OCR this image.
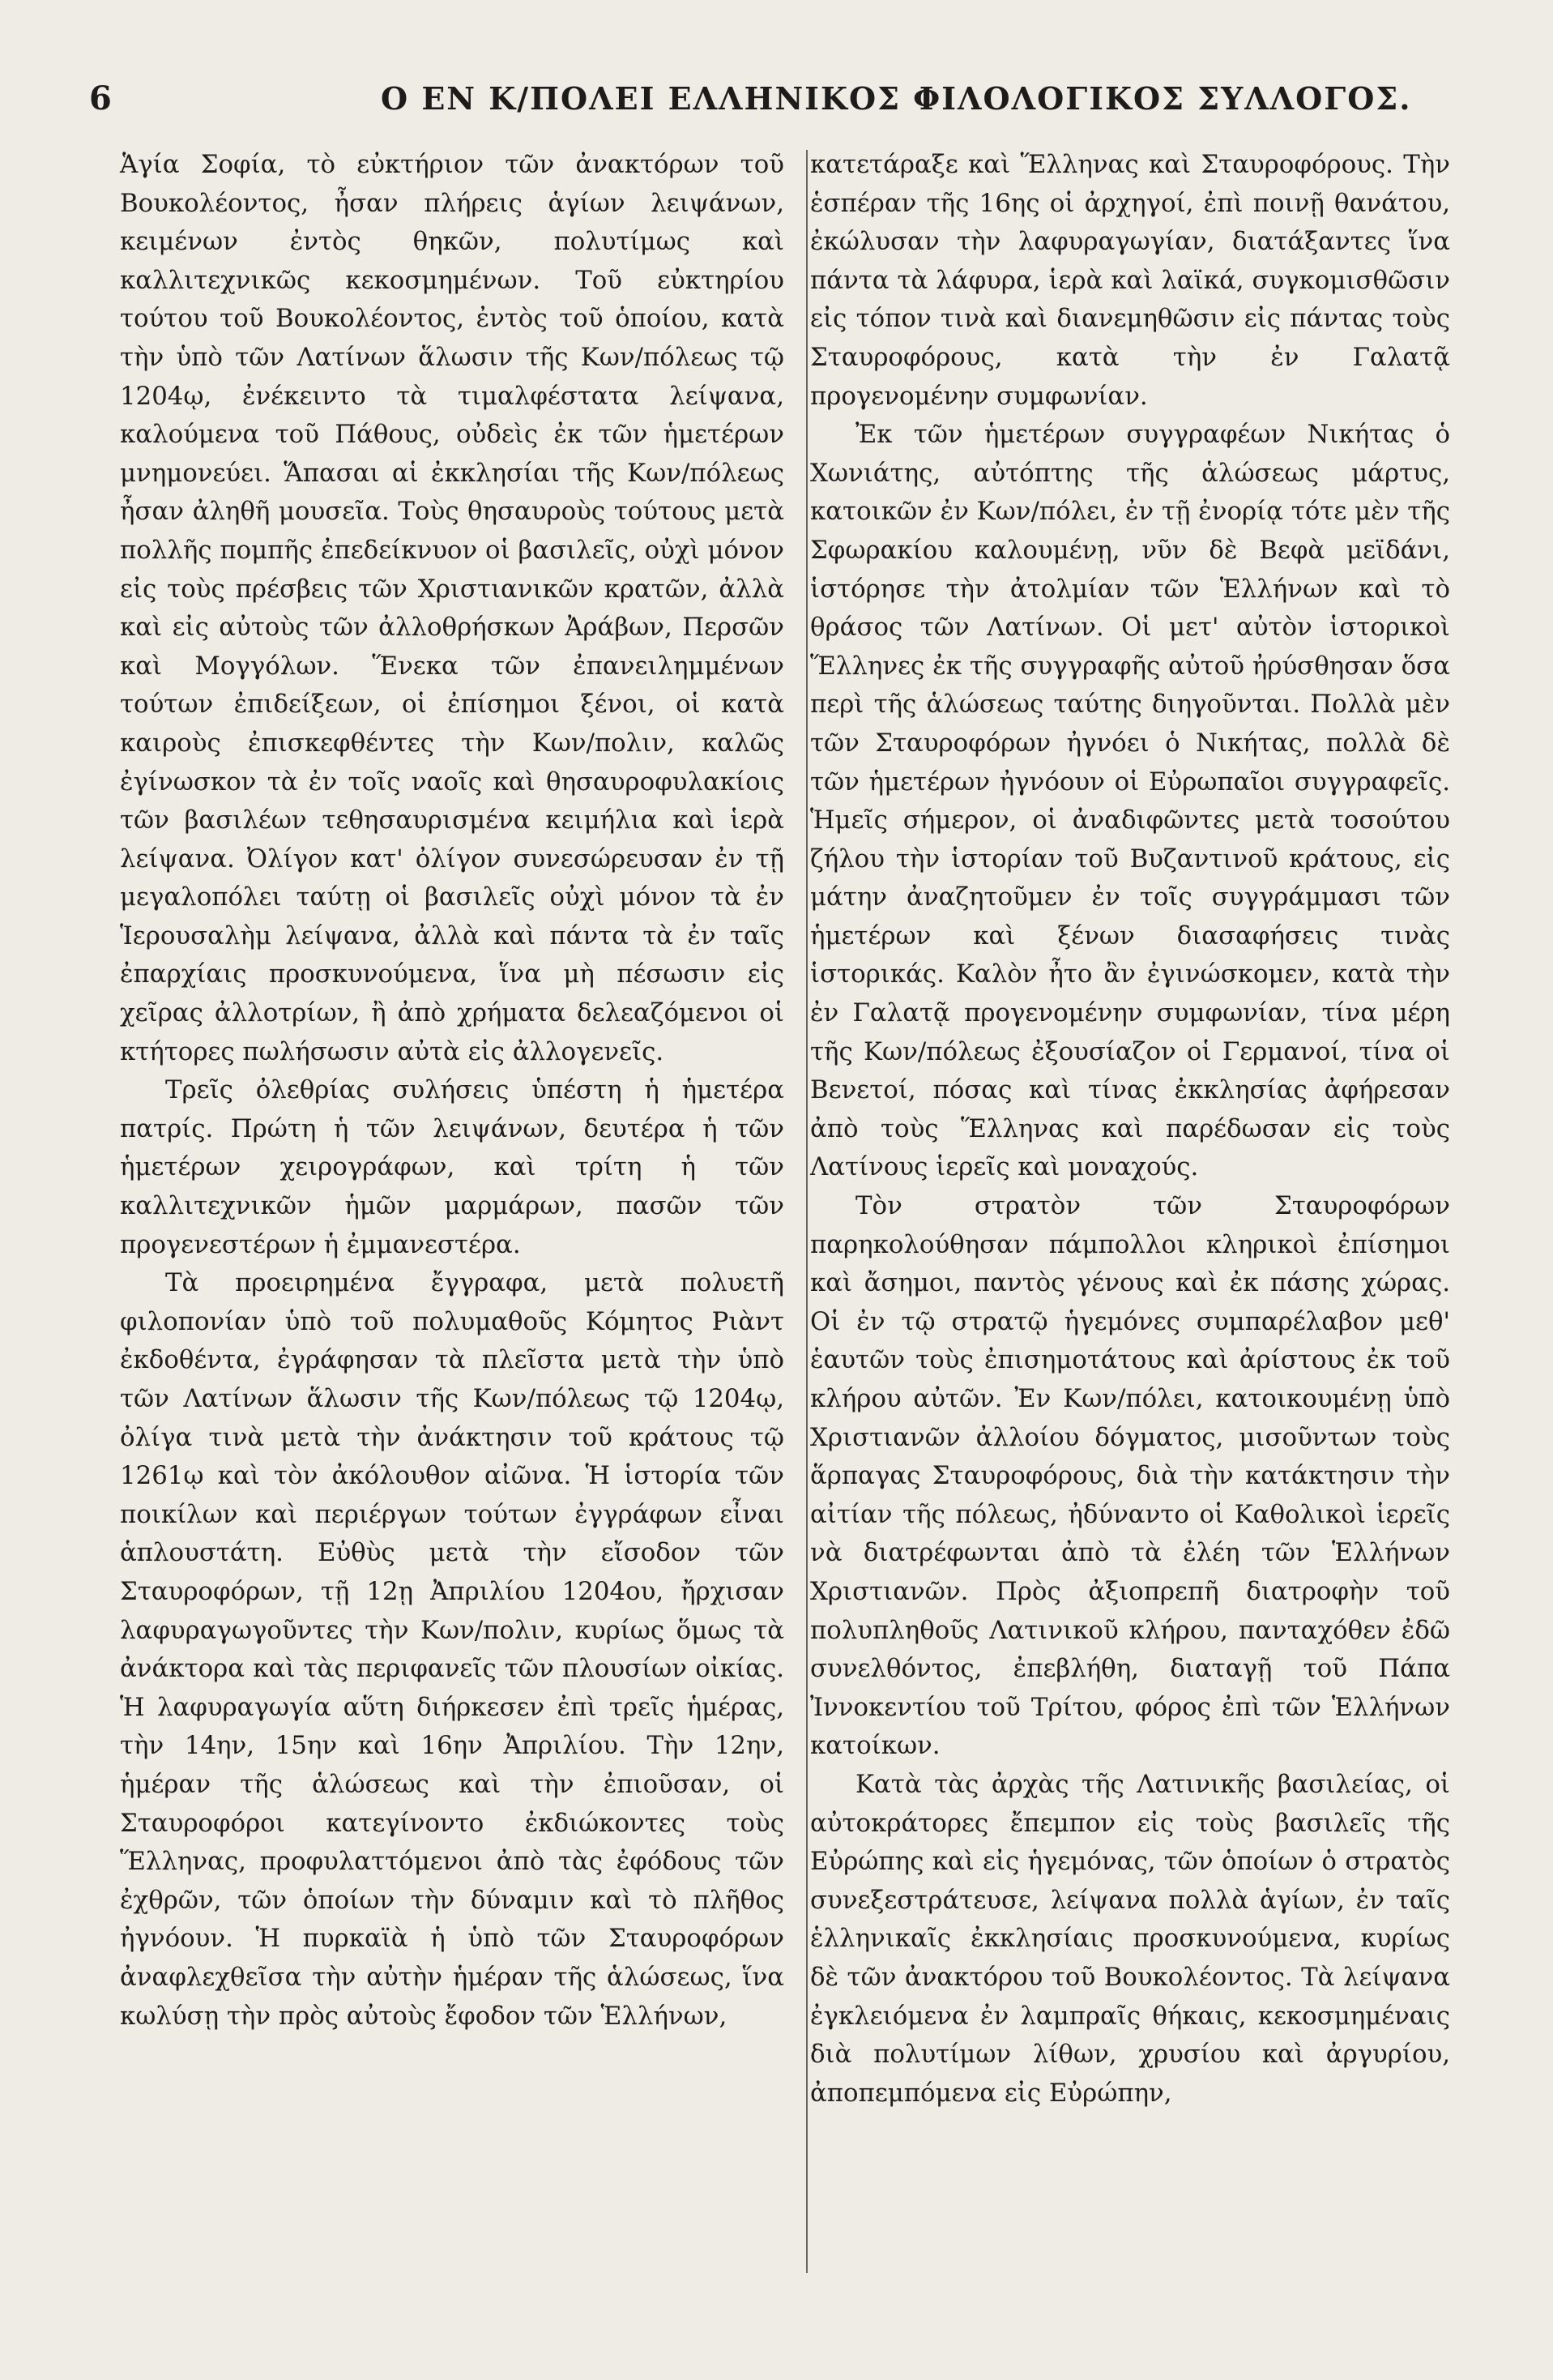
6	Ο ΕΝ Κ/ΠΟΛΕΙ ΕΛΛΗΝΙΚΟΣ ΦΙΛΟΛΟΓΙΚΟΣ ΣΥΛΛΟΓΟΣ.

Ἁγία Σοφία, τὸ εὐκτήριον τῶν ἀνακτόρων τοῦ Βουκολέοντος, ἦσαν πλήρεις ἁγίων λειψάνων, κειμένων ἐντὸς θηκῶν, πολυτίμως καὶ καλλιτεχνικῶς κεκοσμημένων. Τοῦ εὐκτηρίου τούτου τοῦ Βουκολέοντος, ἐντὸς τοῦ ὁποίου, κατὰ τὴν ὑπὸ τῶν Λατίνων ἅλωσιν τῆς Κων/πόλεως τῷ 1204ῳ, ἐνέκειντο τὰ τιμαλφέστατα λείψανα, καλούμενα τοῦ Πάθους, οὐδεὶς ἐκ τῶν ἡμετέρων μνημονεύει. Ἅπασαι αἱ ἐκκλησίαι τῆς Κων/πόλεως ἦσαν ἀληθῆ μουσεῖα. Τοὺς θησαυροὺς τούτους μετὰ πολλῆς πομπῆς ἐπεδείκνυον οἱ βασιλεῖς, οὐχὶ μόνον εἰς τοὺς πρέσβεις τῶν Χριστιανικῶν κρατῶν, ἀλλὰ καὶ εἰς αὐτοὺς τῶν ἀλλοθρήσκων Ἀράβων, Περσῶν καὶ Μογγόλων. Ἕνεκα τῶν ἐπανειλημμένων τούτων ἐπιδείξεων, οἱ ἐπίσημοι ξένοι, οἱ κατὰ καιροὺς ἐπισκεφθέντες τὴν Κων/πολιν, καλῶς ἐγίνωσκον τὰ ἐν τοῖς ναοῖς καὶ θησαυροφυλακίοις τῶν βασιλέων τεθησαυρισμένα κειμήλια καὶ ἱερὰ λείψανα. Ὀλίγον κατ' ὀλίγον συνεσώρευσαν ἐν τῇ μεγαλοπόλει ταύτῃ οἱ βασιλεῖς οὐχὶ μόνον τὰ ἐν Ἱερουσαλὴμ λείψανα, ἀλλὰ καὶ πάντα τὰ ἐν ταῖς ἐπαρχίαις προσκυνούμενα, ἵνα μὴ πέσωσιν εἰς χεῖρας ἀλλοτρίων, ἢ ἀπὸ χρήματα δελεαζόμενοι οἱ κτήτορες πωλήσωσιν αὐτὰ εἰς ἀλλογενεῖς.

Τρεῖς ὀλεθρίας συλήσεις ὑπέστη ἡ ἡμετέρα πατρίς. Πρώτη ἡ τῶν λειψάνων, δευτέρα ἡ τῶν ἡμετέρων χειρογράφων, καὶ τρίτη ἡ τῶν καλλιτεχνικῶν ἡμῶν μαρμάρων, πασῶν τῶν προγενεστέρων ἡ ἐμμανεστέρα.

Τὰ προειρημένα ἔγγραφα, μετὰ πολυετῆ φιλοπονίαν ὑπὸ τοῦ πολυμαθοῦς Κόμητος Ριὰντ ἐκδοθέντα, ἐγράφησαν τὰ πλεῖστα μετὰ τὴν ὑπὸ τῶν Λατίνων ἅλωσιν τῆς Κων/πόλεως τῷ 1204ῳ, ὀλίγα τινὰ μετὰ τὴν ἀνάκτησιν τοῦ κράτους τῷ 1261ῳ καὶ τὸν ἀκόλουθον αἰῶνα. Ἡ ἱστορία τῶν ποικίλων καὶ περιέργων τούτων ἐγγράφων εἶναι ἁπλουστάτη. Εὐθὺς μετὰ τὴν εἴσοδον τῶν Σταυροφόρων, τῇ 12ῃ Ἀπριλίου 1204ου, ἤρχισαν λαφυραγωγοῦντες τὴν Κων/πολιν, κυρίως ὅμως τὰ ἀνάκτορα καὶ τὰς περιφανεῖς τῶν πλουσίων οἰκίας. Ἡ λαφυραγωγία αὕτη διήρκεσεν ἐπὶ τρεῖς ἡμέρας, τὴν 14ην, 15ην καὶ 16ην Ἀπριλίου. Τὴν 12ην, ἡμέραν τῆς ἁλώσεως καὶ τὴν ἐπιοῦσαν, οἱ Σταυροφόροι κατεγίνοντο ἐκδιώκοντες τοὺς Ἕλληνας, προφυλαττόμενοι ἀπὸ τὰς ἐφόδους τῶν ἐχθρῶν, τῶν ὁποίων τὴν δύναμιν καὶ τὸ πλῆθος ἠγνόουν. Ἡ πυρκαϊὰ ἡ ὑπὸ τῶν Σταυροφόρων ἀναφλεχθεῖσα τὴν αὐτὴν ἡμέραν τῆς ἁλώσεως, ἵνα κωλύσῃ τὴν πρὸς αὐτοὺς ἔφοδον τῶν Ἑλλήνων,

κατετάραξε καὶ Ἕλληνας καὶ Σταυροφόρους. Τὴν ἑσπέραν τῆς 16ης οἱ ἀρχηγοί, ἐπὶ ποινῇ θανάτου, ἐκώλυσαν τὴν λαφυραγωγίαν, διατάξαντες ἵνα πάντα τὰ λάφυρα, ἱερὰ καὶ λαϊκά, συγκομισθῶσιν εἰς τόπον τινὰ καὶ διανεμηθῶσιν εἰς πάντας τοὺς Σταυροφόρους, κατὰ τὴν ἐν Γαλατᾷ προγενομένην συμφωνίαν.

Ἐκ τῶν ἡμετέρων συγγραφέων Νικήτας ὁ Χωνιάτης, αὐτόπτης τῆς ἁλώσεως μάρτυς, κατοικῶν ἐν Κων/πόλει, ἐν τῇ ἐνορίᾳ τότε μὲν τῆς Σφωρακίου καλουμένῃ, νῦν δὲ Βεφὰ μεϊδάνι, ἱστόρησε τὴν ἀτολμίαν τῶν Ἑλλήνων καὶ τὸ θράσος τῶν Λατίνων. Οἱ μετ' αὐτὸν ἱστορικοὶ Ἕλληνες ἐκ τῆς συγγραφῆς αὐτοῦ ἠρύσθησαν ὅσα περὶ τῆς ἁλώσεως ταύτης διηγοῦνται. Πολλὰ μὲν τῶν Σταυροφόρων ἠγνόει ὁ Νικήτας, πολλὰ δὲ τῶν ἡμετέρων ἠγνόουν οἱ Εὐρωπαῖοι συγγραφεῖς. Ἡμεῖς σήμερον, οἱ ἀναδιφῶντες μετὰ τοσούτου ζήλου τὴν ἱστορίαν τοῦ Βυζαντινοῦ κράτους, εἰς μάτην ἀναζητοῦμεν ἐν τοῖς συγγράμμασι τῶν ἡμετέρων καὶ ξένων διασαφήσεις τινὰς ἱστορικάς. Καλὸν ἦτο ἂν ἐγινώσκομεν, κατὰ τὴν ἐν Γαλατᾷ προγενομένην συμφωνίαν, τίνα μέρη τῆς Κων/πόλεως ἐξουσίαζον οἱ Γερμανοί, τίνα οἱ Βενετοί, πόσας καὶ τίνας ἐκκλησίας ἀφήρεσαν ἀπὸ τοὺς Ἕλληνας καὶ παρέδωσαν εἰς τοὺς Λατίνους ἱερεῖς καὶ μοναχούς.

Τὸν στρατὸν τῶν Σταυροφόρων παρηκολούθησαν πάμπολλοι κληρικοὶ ἐπίσημοι καὶ ἄσημοι, παντὸς γένους καὶ ἐκ πάσης χώρας. Οἱ ἐν τῷ στρατῷ ἡγεμόνες συμπαρέλαβον μεθ' ἑαυτῶν τοὺς ἐπισημοτάτους καὶ ἀρίστους ἐκ τοῦ κλήρου αὐτῶν. Ἐν Κων/πόλει, κατοικουμένῃ ὑπὸ Χριστιανῶν ἀλλοίου δόγματος, μισοῦντων τοὺς ἅρπαγας Σταυροφόρους, διὰ τὴν κατάκτησιν τὴν αἰτίαν τῆς πόλεως, ἠδύναντο οἱ Καθολικοὶ ἱερεῖς νὰ διατρέφωνται ἀπὸ τὰ ἐλέη τῶν Ἑλλήνων Χριστιανῶν. Πρὸς ἀξιοπρεπῆ διατροφὴν τοῦ πολυπληθοῦς Λατινικοῦ κλήρου, πανταχόθεν ἐδῶ συνελθόντος, ἐπεβλήθη, διαταγῇ τοῦ Πάπα Ἰννοκεντίου τοῦ Τρίτου, φόρος ἐπὶ τῶν Ἑλλήνων κατοίκων.

Κατὰ τὰς ἀρχὰς τῆς Λατινικῆς βασιλείας, οἱ αὐτοκράτορες ἔπεμπον εἰς τοὺς βασιλεῖς τῆς Εὐρώπης καὶ εἰς ἡγεμόνας, τῶν ὁποίων ὁ στρατὸς συνεξεστράτευσε, λείψανα πολλὰ ἁγίων, ἐν ταῖς ἑλληνικαῖς ἐκκλησίαις προσκυνούμενα, κυρίως δὲ τῶν ἀνακτόρου τοῦ Βουκολέοντος. Τὰ λείψανα ἐγκλειόμενα ἐν λαμπραῖς θήκαις, κεκοσμημέναις διὰ πολυτίμων λίθων, χρυσίου καὶ ἀργυρίου, ἀποπεμπόμενα εἰς Εὐρώπην,
